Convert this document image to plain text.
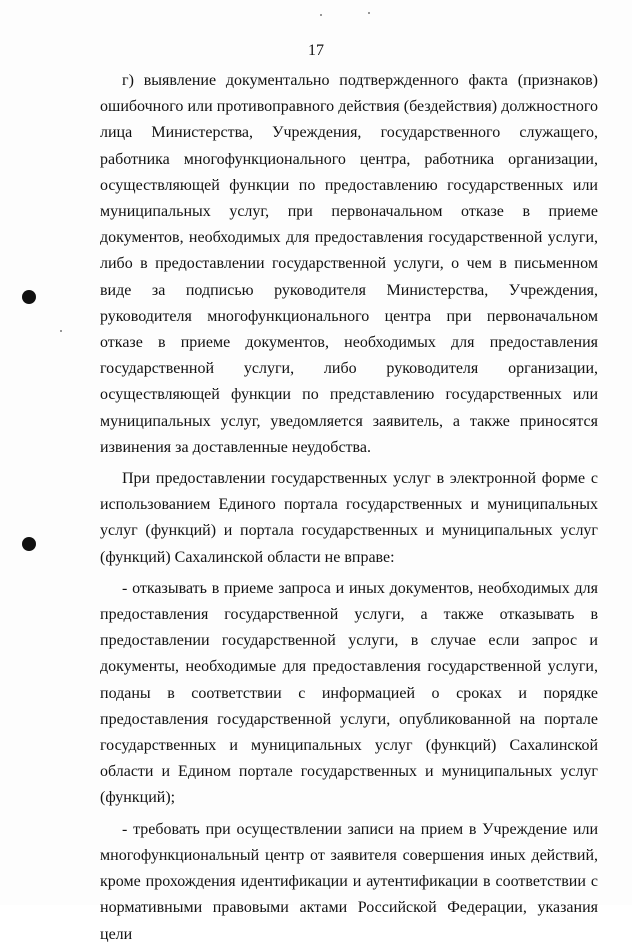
17

г) выявление документально подтвержденного факта (признаков) ошибочного или противоправного действия (бездействия) должностного лица Министерства, Учреждения, государственного служащего, работника многофункционального центра, работника организации, осуществляющей функции по предоставлению государственных или муниципальных услуг, при первоначальном отказе в приеме документов, необходимых для предоставления государственной услуги, либо в предоставлении государственной услуги, о чем в письменном виде за подписью руководителя Министерства, Учреждения, руководителя многофункционального центра при первоначальном отказе в приеме документов, необходимых для предоставления государственной услуги, либо руководителя организации, осуществляющей функции по представлению государственных или муниципальных услуг, уведомляется заявитель, а также приносятся извинения за доставленные неудобства.

При предоставлении государственных услуг в электронной форме с использованием Единого портала государственных и муниципальных услуг (функций) и портала государственных и муниципальных услуг (функций) Сахалинской области не вправе:

- отказывать в приеме запроса и иных документов, необходимых для предоставления государственной услуги, а также отказывать в предоставлении государственной услуги, в случае если запрос и документы, необходимые для предоставления государственной услуги, поданы в соответствии с информацией о сроках и порядке предоставления государственной услуги, опубликованной на портале государственных и муниципальных услуг (функций) Сахалинской области и Едином портале государственных и муниципальных услуг (функций);

- требовать при осуществлении записи на прием в Учреждение или многофункциональный центр от заявителя совершения иных действий, кроме прохождения идентификации и аутентификации в соответствии с нормативными правовыми актами Российской Федерации, указания цели
